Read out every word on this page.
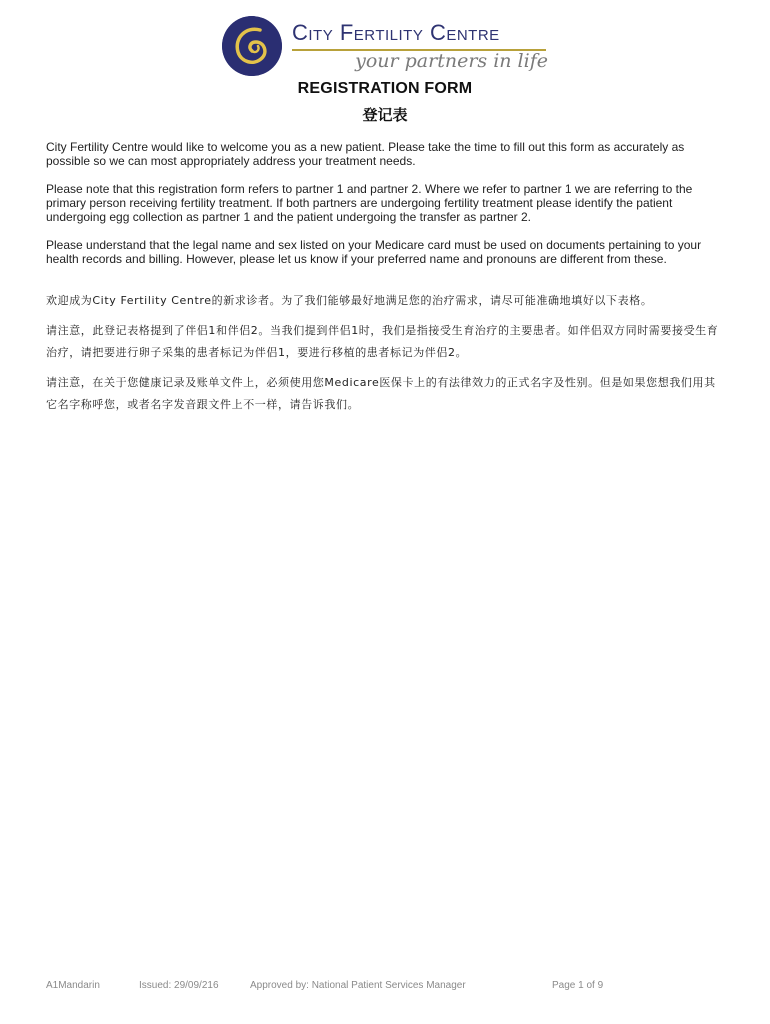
City Fertility Centre
your partners in life
REGISTRATION FORM
登记表

City Fertility Centre would like to welcome you as a new patient. Please take the time to fill out this form as accurately as possible so we can most appropriately address your treatment needs.

Please note that this registration form refers to partner 1 and partner 2. Where we refer to partner 1 we are referring to the primary person receiving fertility treatment. If both partners are undergoing fertility treatment please identify the patient undergoing egg collection as partner 1 and the patient undergoing the transfer as partner 2.

Please understand that the legal name and sex listed on your Medicare card must be used on documents pertaining to your health records and billing. However, please let us know if your preferred name and pronouns are different from these.

欢迎成为City Fertility Centre的新求诊者。为了我们能够最好地满足您的治疗需求，请尽可能准确地填好以下表格。

请注意，此登记表格提到了伴侣1和伴侣2。当我们提到伴侣1时，我们是指接受生育治疗的主要患者。如伴侣双方同时需要接受生育治疗，请把要进行卵子采集的患者标记为伴侣1，要进行移植的患者标记为伴侣2。

请注意，在关于您健康记录及账单文件上，必须使用您Medicare医保卡上的有法律效力的正式名字及性别。但是如果您想我们用其它名字称呼您，或者名字发音跟文件上不一样，请告诉我们。

A1Mandarin	Issued: 29/09/216	Approved by: National Patient Services Manager	Page 1 of 9
